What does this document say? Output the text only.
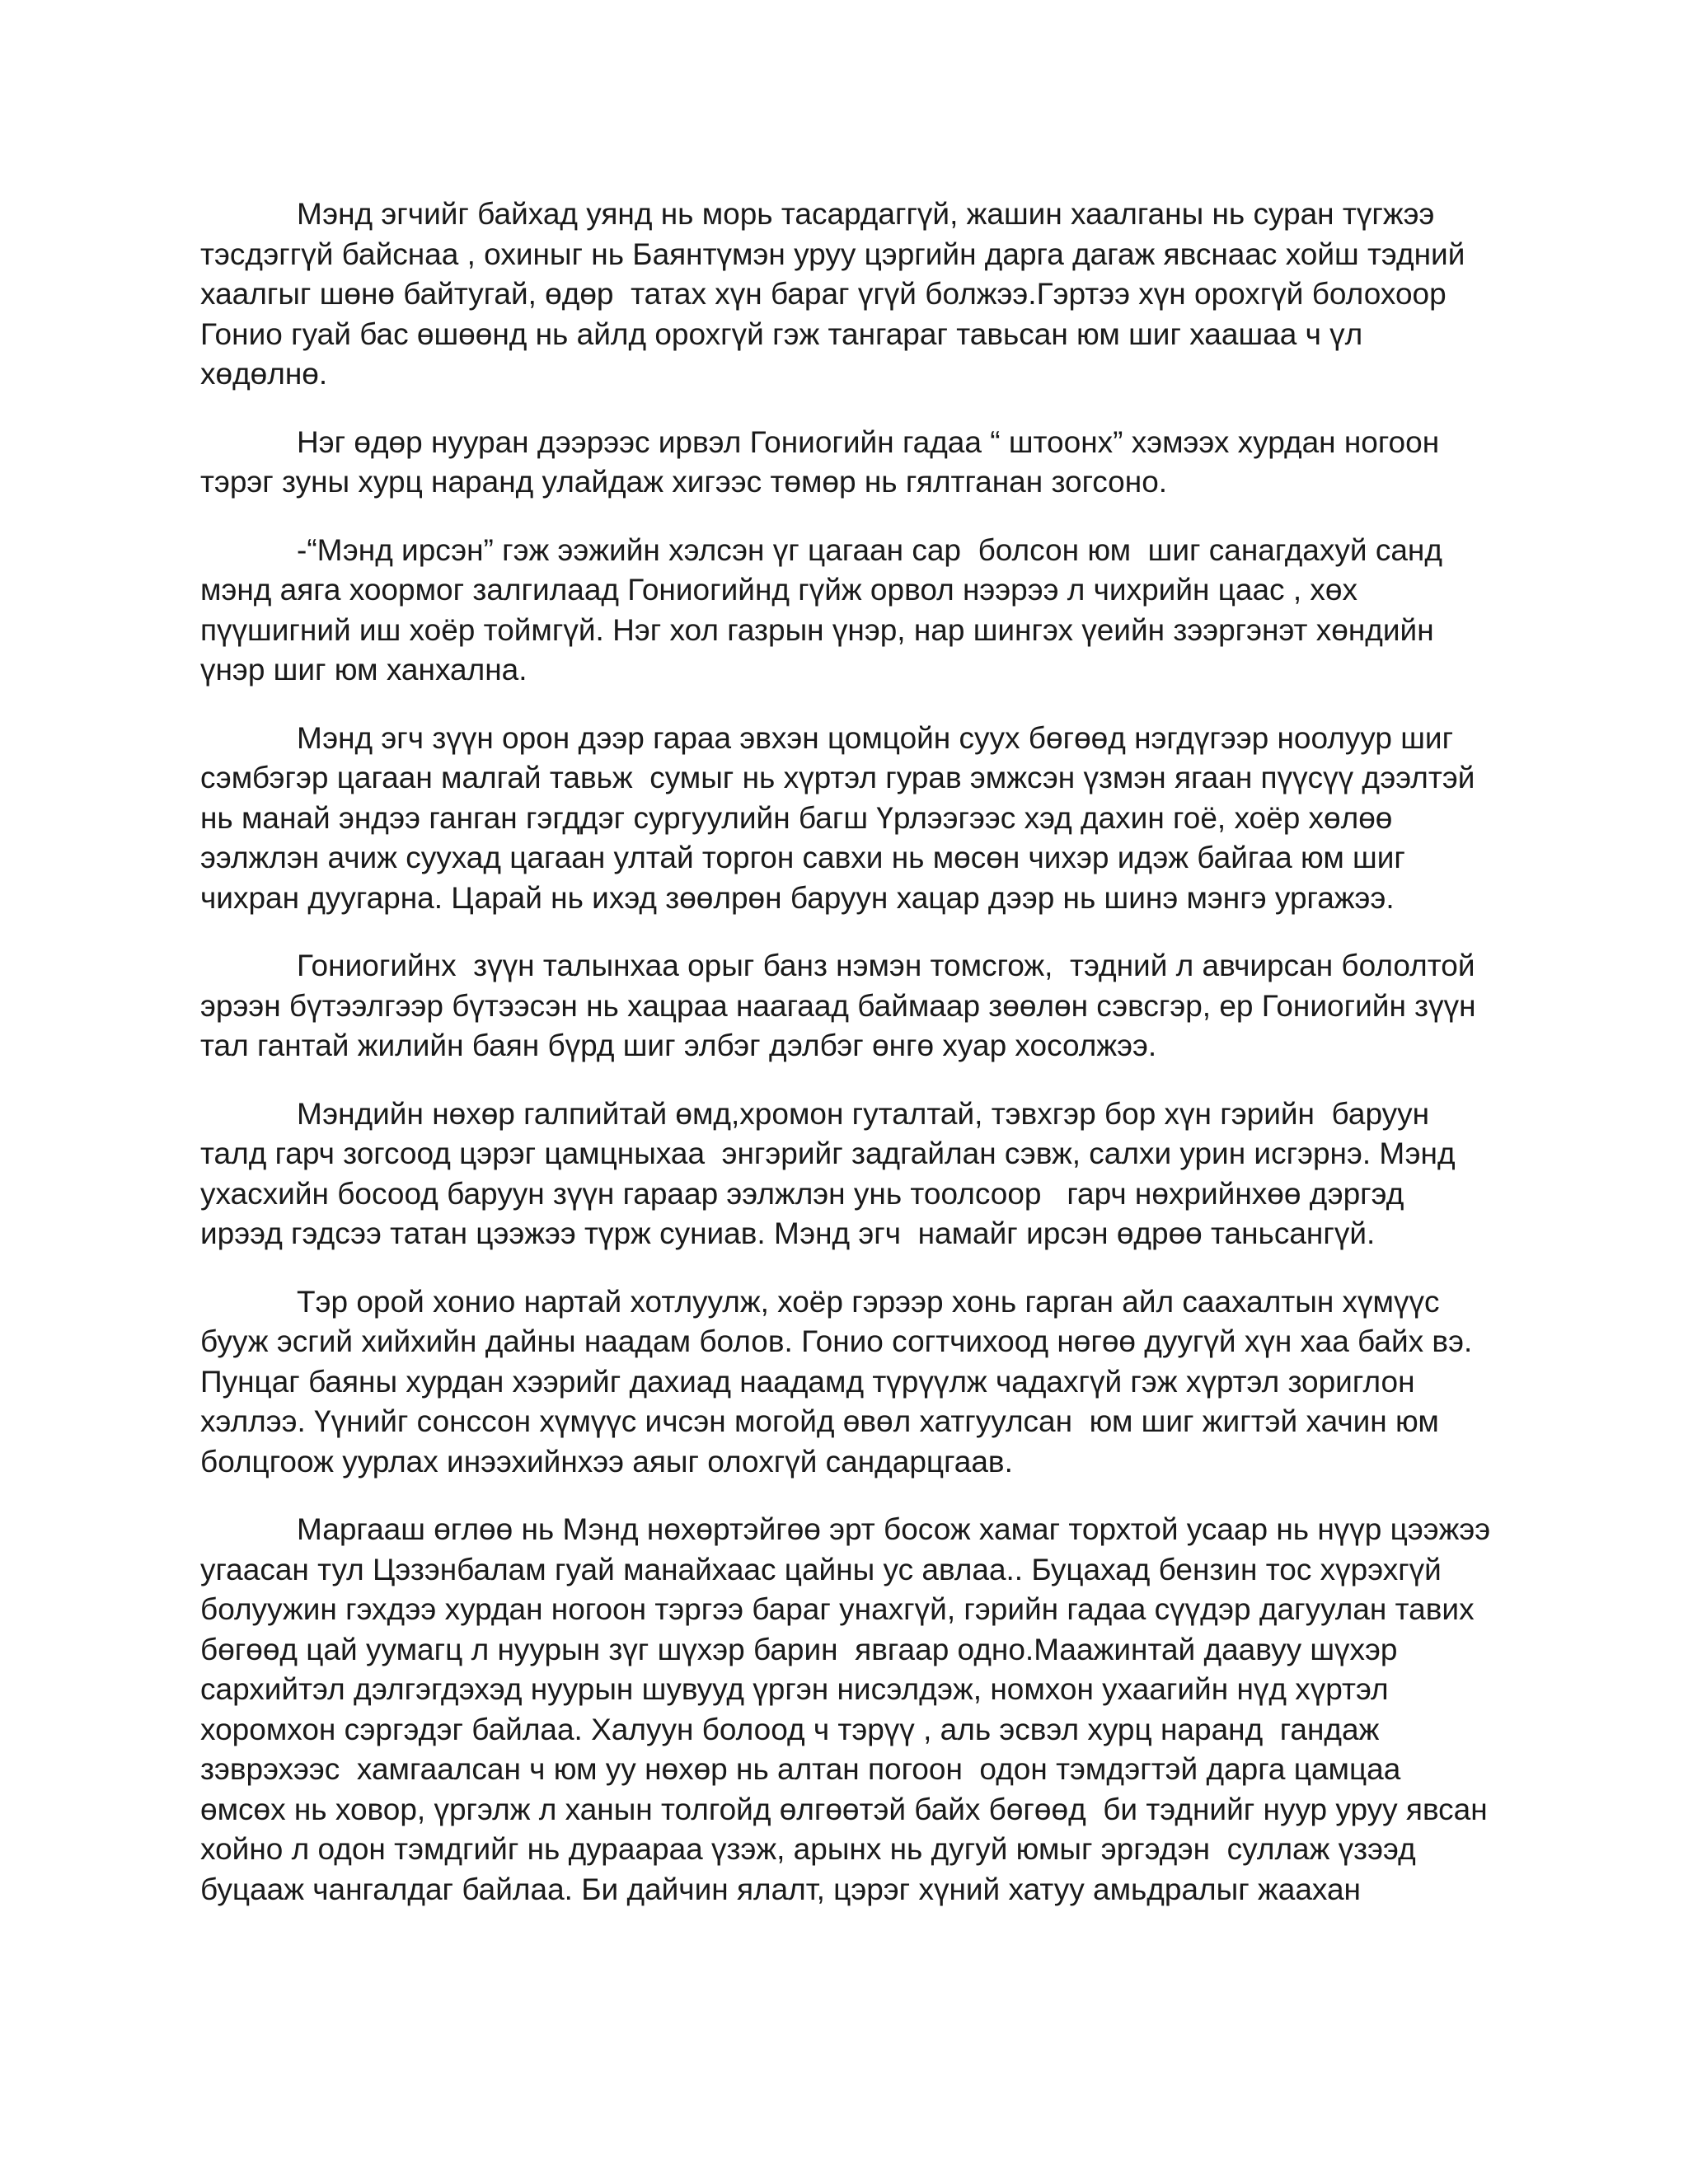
Мэнд эгчийг байхад уянд нь морь тасардаггүй, жашин хаалганы нь суран түгжээ
тэсдэггүй байснаа , охиныг нь Баянтүмэн уруу цэргийн дарга дагаж явснаас хойш тэдний
хаалгыг шөнө байтугай, өдөр  татах хүн бараг үгүй болжээ.Гэртээ хүн орохгүй болохоор
Гонио гуай бас өшөөнд нь айлд орохгүй гэж тангараг тавьсан юм шиг хаашаа ч үл
хөдөлнө.
Нэг өдөр нууран дээрээс ирвэл Гониогийн гадаа “ штоонх” хэмээх хурдан ногоон
тэрэг зуны хурц наранд улайдаж хигээс төмөр нь гялтганан зогсоно.
-“Мэнд ирсэн” гэж ээжийн хэлсэн үг цагаан сар  болсон юм  шиг санагдахуй санд
мэнд аяга хоормог залгилаад Гониогийнд гүйж орвол нээрээ л чихрийн цаас , хөх
пүүшигний иш хоёр тоймгүй. Нэг хол газрын үнэр, нар шингэх үеийн зээргэнэт хөндийн
үнэр шиг юм ханхална.
Мэнд эгч зүүн орон дээр гараа эвхэн цомцойн суух бөгөөд нэгдүгээр ноолуур шиг
сэмбэгэр цагаан малгай тавьж  сумыг нь хүртэл гурав эмжсэн үзмэн ягаан пүүсүү дээлтэй
нь манай эндээ ганган гэгддэг сургуулийн багш Үрлээгээс хэд дахин гоё, хоёр хөлөө
ээлжлэн ачиж суухад цагаан ултай торгон савхи нь мөсөн чихэр идэж байгаа юм шиг
чихран дуугарна. Царай нь ихэд зөөлрөн баруун хацар дээр нь шинэ мэнгэ ургажээ.
Гониогийнх  зүүн талынхаа орыг банз нэмэн томсгож,  тэдний л авчирсан бололтой
эрээн бүтээлгээр бүтээсэн нь хацраа наагаад баймаар зөөлөн сэвсгэр, ер Гониогийн зүүн
тал гантай жилийн баян бүрд шиг элбэг дэлбэг өнгө хуар хосолжээ.
Мэндийн нөхөр галпийтай өмд,хромон гуталтай, тэвхгэр бор хүн гэрийн  баруун
талд гарч зогсоод цэрэг цамцныхаа  энгэрийг задгайлан сэвж, салхи урин исгэрнэ. Мэнд
ухасхийн босоод баруун зүүн гараар ээлжлэн унь тоолсоор   гарч нөхрийнхөө дэргэд
ирээд гэдсээ татан цээжээ түрж суниав. Мэнд эгч  намайг ирсэн өдрөө таньсангүй.
Тэр орой хонио нартай хотлуулж, хоёр гэрээр хонь гарган айл саахалтын хүмүүс
бууж эсгий хийхийн дайны наадам болов. Гонио согтчихоод нөгөө дуугүй хүн хаа байх вэ.
Пунцаг баяны хурдан хээрийг дахиад наадамд түрүүлж чадахгүй гэж хүртэл зориглон
хэллээ. Үүнийг сонссон хүмүүс ичсэн могойд өвөл хатгуулсан  юм шиг жигтэй хачин юм
болцгоож уурлах инээхийнхээ аяыг олохгүй сандарцгаав.
Маргааш өглөө нь Мэнд нөхөртэйгөө эрт босож хамаг торхтой усаар нь нүүр цээжээ
угаасан тул Цэзэнбалам гуай манайхаас цайны ус авлаа.. Буцахад бензин тос хүрэхгүй
болуужин гэхдээ хурдан ногоон тэргээ бараг унахгүй, гэрийн гадаа сүүдэр дагуулан тавих
бөгөөд цай уумагц л нуурын зүг шүхэр барин  явгаар одно.Маажинтай даавуу шүхэр
сархийтэл дэлгэгдэхэд нуурын шувууд үргэн нисэлдэж, номхон ухаагийн нүд хүртэл
хоромхон сэргэдэг байлаа. Халуун болоод ч тэрүү , аль эсвэл хурц наранд  гандаж
зэврэхээс  хамгаалсан ч юм уу нөхөр нь алтан погоон  одон тэмдэгтэй дарга цамцаа
өмсөх нь ховор, үргэлж л ханын толгойд өлгөөтэй байх бөгөөд  би тэднийг нуур уруу явсан
хойно л одон тэмдгийг нь дураараа үзэж, арынх нь дугуй юмыг эргэдэн  суллаж үзээд
буцааж чангалдаг байлаа. Би дайчин ялалт, цэрэг хүний хатуу амьдралыг жаахан
